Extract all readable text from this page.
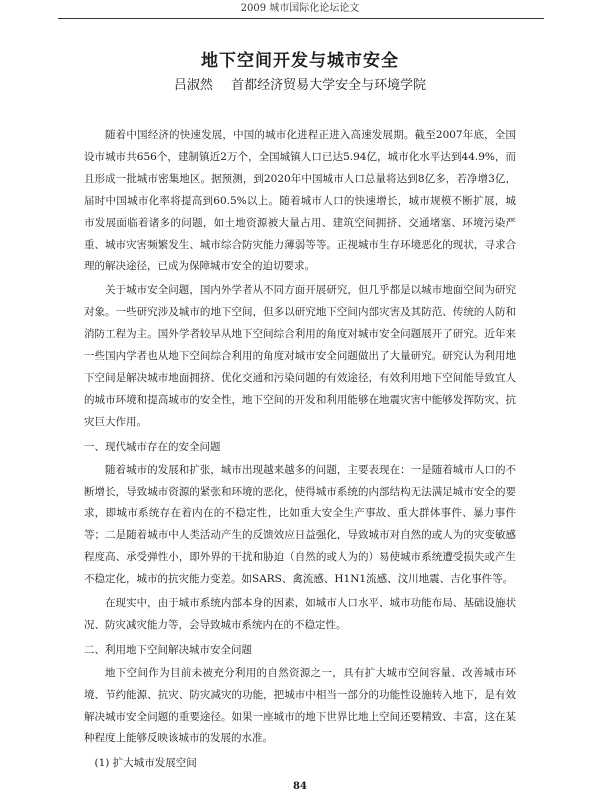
2009 城市国际化论坛论文
地下空间开发与城市安全
吕淑然 首都经济贸易大学安全与环境学院

随着中国经济的快速发展，中国的城市化进程正进入高速发展期。截至2007年底，全国设市城市共656个，建制镇近2万个，全国城镇人口已达5.94亿，城市化水平达到44.9%，而且形成一批城市密集地区。据预测，到2020年中国城市人口总量将达到8亿多，若净增3亿，届时中国城市化率将提高到60.5%以上。随着城市人口的快速增长，城市规模不断扩展，城市发展面临着诸多的问题，如土地资源被大量占用、建筑空间拥挤、交通堵塞、环境污染严重、城市灾害频繁发生、城市综合防灾能力薄弱等等。正视城市生存环境恶化的现状，寻求合理的解决途径，已成为保障城市安全的迫切要求。

关于城市安全问题，国内外学者从不同方面开展研究，但几乎都是以城市地面空间为研究对象。一些研究涉及城市的地下空间，但多以研究地下空间内部灾害及其防范、传统的人防和消防工程为主。国外学者较早从地下空间综合利用的角度对城市安全问题展开了研究。近年来一些国内学者也从地下空间综合利用的角度对城市安全问题做出了大量研究。研究认为利用地下空间是解决城市地面拥挤、优化交通和污染问题的有效途径，有效利用地下空间能导致宜人的城市环境和提高城市的安全性，地下空间的开发和利用能够在地震灾害中能够发挥防灾、抗灾巨大作用。

一、现代城市存在的安全问题

随着城市的发展和扩张，城市出现越来越多的问题，主要表现在：一是随着城市人口的不断增长，导致城市资源的紧张和环境的恶化，使得城市系统的内部结构无法满足城市安全的要求，即城市系统存在着内在的不稳定性，比如重大安全生产事故、重大群体事件、暴力事件等；二是随着城市中人类活动产生的反馈效应日益强化，导致城市对自然的或人为的灾变敏感程度高、承受弹性小，即外界的干扰和胁迫（自然的或人为的）易使城市系统遭受损失或产生不稳定化，城市的抗灾能力变差。如SARS、禽流感、H1N1流感、汶川地震、吉化事件等。

在现实中，由于城市系统内部本身的因素，如城市人口水平、城市功能布局、基础设施状况、防灾减灾能力等，会导致城市系统内在的不稳定性。

二、利用地下空间解决城市安全问题

地下空间作为目前未被充分利用的自然资源之一，具有扩大城市空间容量、改善城市环境、节约能源、抗灾、防灾减灾的功能，把城市中相当一部分的功能性设施转入地下，是有效解决城市安全问题的重要途径。如果一座城市的地下世界比地上空间还要精致、丰富，这在某种程度上能够反映该城市的发展的水准。

(1) 扩大城市发展空间
84
